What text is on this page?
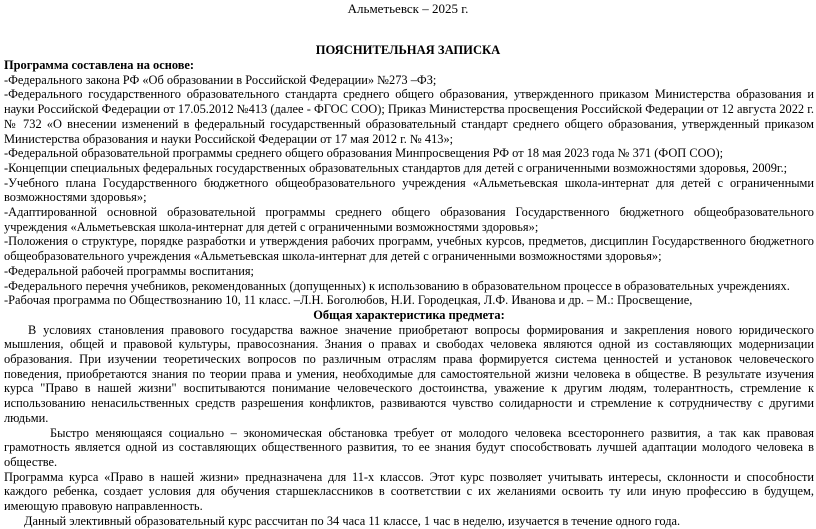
Альметьевск – 2025 г.
ПОЯСНИТЕЛЬНАЯ ЗАПИСКА

Программа составлена на основе:

-Федерального закона РФ «Об образовании в Российской Федерации» №273 –ФЗ;

-Федерального государственного образовательного стандарта среднего общего образования, утвержденного приказом Министерства образования и науки Российской Федерации от 17.05.2012 №413 (далее - ФГОС СОО); Приказ Министерства просвещения Российской Федерации от 12 августа 2022 г. № 732 «О внесении изменений в федеральный государственный образовательный стандарт среднего общего образования, утвержденный приказом Министерства образования и науки Российской Федерации от 17 мая 2012 г. № 413»;

-Федеральной образовательной программы среднего общего образования Минпросвещения РФ от 18 мая 2023 года № 371 (ФОП СОО);

-Концепции специальных федеральных государственных образовательных стандартов для детей с ограниченными возможностями здоровья, 2009г.;

-Учебного плана Государственного бюджетного общеобразовательного учреждения «Альметьевская школа-интернат для детей с ограниченными возможностями здоровья»;

-Адаптированной основной образовательной программы среднего общего образования Государственного бюджетного общеобразовательного учреждения «Альметьевская школа-интернат для детей с ограниченными возможностями здоровья»;

-Положения о структуре, порядке разработки и утверждения рабочих программ, учебных курсов, предметов, дисциплин Государственного бюджетного общеобразовательного учреждения «Альметьевская школа-интернат для детей с ограниченными возможностями здоровья»;

-Федеральной рабочей программы воспитания;

-Федерального перечня учебников, рекомендованных (допущенных) к использованию в образовательном процессе в образовательных учреждениях.

-Рабочая программа по Обществознанию 10, 11 класс. –Л.Н. Боголюбов, Н.И. Городецкая, Л.Ф. Иванова и др. – М.: Просвещение,

Общая характеристика предмета:

В условиях становления правового государства важное значение приобретают вопросы формирования и закрепления нового юридического мышления, общей и правовой культуры, правосознания. Знания о правах и свободах человека являются одной из составляющих модернизации образования. При изучении теоретических вопросов по различным отраслям права формируется система ценностей и установок человеческого поведения, приобретаются знания по теории права и умения, необходимые для самостоятельной жизни человека в обществе. В результате изучения курса "Право в нашей жизни" воспитываются понимание человеческого достоинства, уважение к другим людям, толерантность, стремление к использованию ненасильственных средств разрешения конфликтов, развиваются чувство солидарности и стремление к сотрудничеству с другими людьми.

Быстро меняющаяся социально – экономическая обстановка требует от молодого человека всестороннего развития, а так как правовая грамотность является одной из составляющих общественного развития, то ее знания будут способствовать лучшей адаптации молодого человека в обществе.

Программа курса «Право в нашей жизни» предназначена для 11-х классов. Этот курс позволяет учитывать интересы, склонности и способности каждого ребенка, создает условия для обучения старшеклассников в соответствии с их желаниями освоить ту или иную профессию в будущем, имеющую правовую направленность.

Данный элективный образовательный курс рассчитан по 34 часа 11 классе, 1 час в неделю, изучается в течение одного года.
